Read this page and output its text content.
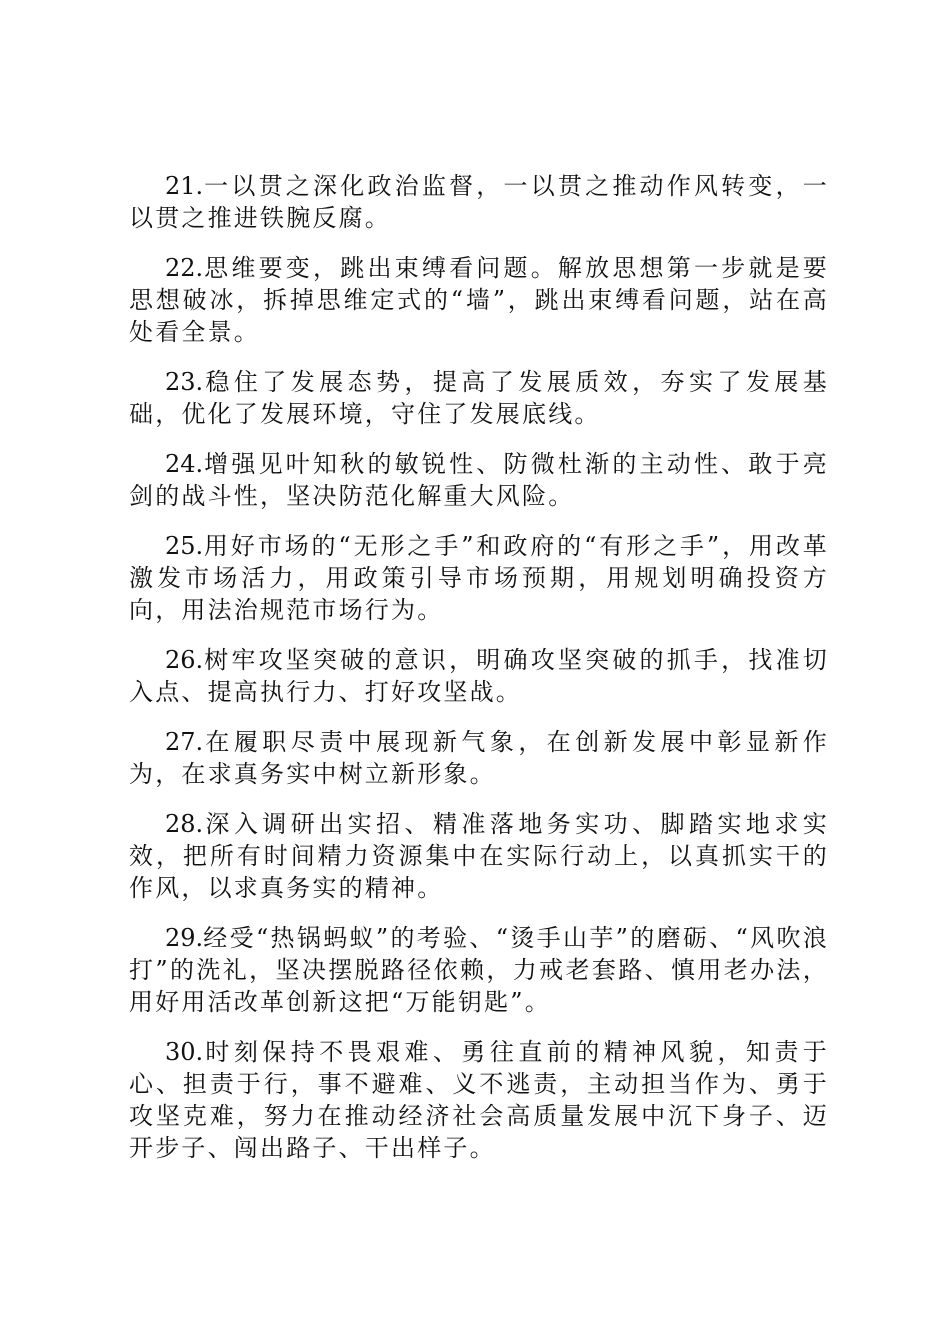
21.一以贯之深化政治监督，一以贯之推动作风转变，一以贯之推进铁腕反腐。

22.思维要变，跳出束缚看问题。解放思想第一步就是要思想破冰，拆掉思维定式的“墙”，跳出束缚看问题，站在高处看全景。

23.稳住了发展态势，提高了发展质效，夯实了发展基础，优化了发展环境，守住了发展底线。

24.增强见叶知秋的敏锐性、防微杜渐的主动性、敢于亮剑的战斗性，坚决防范化解重大风险。

25.用好市场的“无形之手”和政府的“有形之手”，用改革激发市场活力，用政策引导市场预期，用规划明确投资方向，用法治规范市场行为。

26.树牢攻坚突破的意识，明确攻坚突破的抓手，找准切入点、提高执行力、打好攻坚战。

27.在履职尽责中展现新气象，在创新发展中彰显新作为，在求真务实中树立新形象。

28.深入调研出实招、精准落地务实功、脚踏实地求实效，把所有时间精力资源集中在实际行动上，以真抓实干的作风，以求真务实的精神。

29.经受“热锅蚂蚁”的考验、“烫手山芋”的磨砺、“风吹浪打”的洗礼，坚决摆脱路径依赖，力戒老套路、慎用老办法，用好用活改革创新这把“万能钥匙”。

30.时刻保持不畏艰难、勇往直前的精神风貌，知责于心、担责于行，事不避难、义不逃责，主动担当作为、勇于攻坚克难，努力在推动经济社会高质量发展中沉下身子、迈开步子、闯出路子、干出样子。
